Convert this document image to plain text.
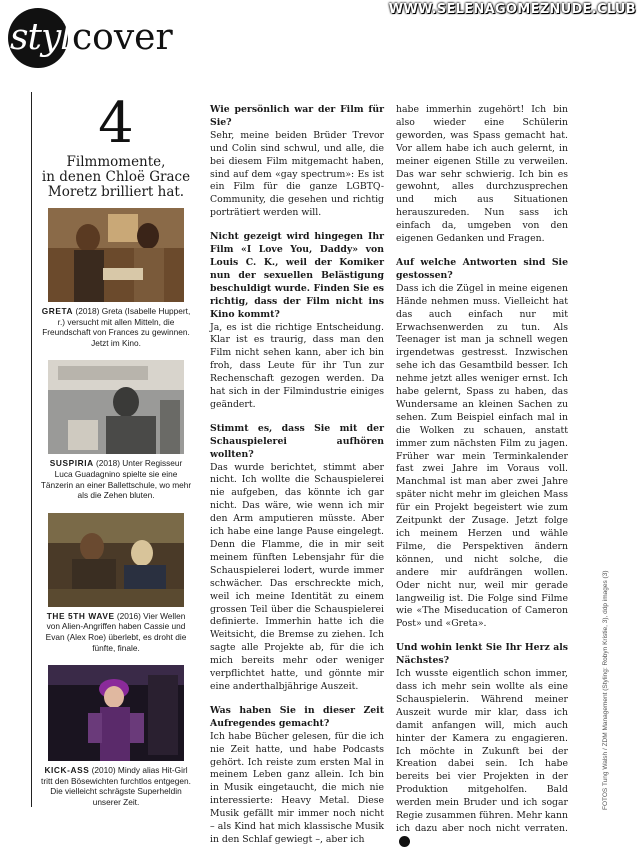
style
cover
WWW.SELENAGOMEZNUDE.CLUB
4
Filmmomente,
in denen Chloë Grace
Moretz brilliert hat.
GRETA (2018) Greta (Isabelle Huppert, r.) versucht mit allen Mitteln, die Freundschaft von Frances zu gewinnen. Jetzt im Kino.
SUSPIRIA (2018) Unter Regisseur Luca Guadagnino spielte sie eine Tänzerin an einer Ballettschule, wo mehr als die Zehen bluten.
THE 5TH WAVE (2016) Vier Wellen von Alien-Angriffen haben Cassie und Evan (Alex Roe) überlebt, es droht die fünfte, finale.
KICK-ASS (2010) Mindy alias Hit-Girl tritt den Bösewichten furchtlos entgegen. Die vielleicht schrägste Superheldin unserer Zeit.

Wie persönlich war der Film für Sie?

Sehr, meine beiden Brüder Trevor und Colin sind schwul, und alle, die bei diesem Film mitgemacht haben, sind auf dem «gay spectrum»: Es ist ein Film für die ganze LGBTQ-Community, die gesehen und richtig porträtiert werden will.

Nicht gezeigt wird hingegen Ihr Film «I Love You, Daddy» von Louis C. K., weil der Komiker nun der sexuellen Belästigung beschuldigt wurde. Finden Sie es richtig, dass der Film nicht ins Kino kommt?

Ja, es ist die richtige Entscheidung. Klar ist es traurig, dass man den Film nicht sehen kann, aber ich bin froh, dass Leute für ihr Tun zur Rechenschaft gezogen werden. Da hat sich in der Filmindustrie einiges geändert.

Stimmt es, dass Sie mit der Schauspielerei aufhören wollten?

Das wurde berichtet, stimmt aber nicht. Ich wollte die Schauspielerei nie aufgeben, das könnte ich gar nicht. Das wäre, wie wenn ich mir den Arm amputieren müsste. Aber ich habe eine lange Pause eingelegt. Denn die Flamme, die in mir seit meinem fünften Lebensjahr für die Schauspielerei lodert, wurde immer schwächer. Das erschreckte mich, weil ich meine Identität zu einem grossen Teil über die Schauspielerei definierte. Immerhin hatte ich die Weitsicht, die Bremse zu ziehen. Ich sagte alle Projekte ab, für die ich mich bereits mehr oder weniger verpflichtet hatte, und gönnte mir eine anderthalbjährige Auszeit.

Was haben Sie in dieser Zeit Aufregendes gemacht?

Ich habe Bücher gelesen, für die ich nie Zeit hatte, und habe Podcasts gehört. Ich reiste zum ersten Mal in meinem Leben ganz allein. Ich bin in Musik eingetaucht, die mich nie interessierte: Heavy Metal. Diese Musik gefällt mir immer noch nicht – als Kind hat mich klassische Musik in den Schlaf gewiegt –, aber ich

habe immerhin zugehört! Ich bin also wieder eine Schülerin geworden, was Spass gemacht hat. Vor allem habe ich auch gelernt, in meiner eigenen Stille zu verweilen. Das war sehr schwierig. Ich bin es gewohnt, alles durchzusprechen und mich aus Situationen herauszureden. Nun sass ich einfach da, umgeben von den eigenen Gedanken und Fragen.

Auf welche Antworten sind Sie gestossen?

Dass ich die Zügel in meine eigenen Hände nehmen muss. Vielleicht hat das auch einfach nur mit Erwachsenwerden zu tun. Als Teenager ist man ja schnell wegen irgendetwas gestresst. Inzwischen sehe ich das Gesamtbild besser. Ich nehme jetzt alles weniger ernst. Ich habe gelernt, Spass zu haben, das Wundersame an kleinen Sachen zu sehen. Zum Beispiel einfach mal in die Wolken zu schauen, anstatt immer zum nächsten Film zu jagen. Früher war mein Terminkalender fast zwei Jahre im Voraus voll. Manchmal ist man aber zwei Jahre später nicht mehr im gleichen Mass für ein Projekt begeistert wie zum Zeitpunkt der Zusage. Jetzt folge ich meinem Herzen und wähle Filme, die Perspektiven ändern können, und nicht solche, die andere mir aufdrängen wollen. Oder nicht nur, weil mir gerade langweilig ist. Die Folge sind Filme wie «The Miseducation of Cameron Post» und «Greta».

Und wohin lenkt Sie Ihr Herz als Nächstes?

Ich wusste eigentlich schon immer, dass ich mehr sein wollte als eine Schauspielerin. Während meiner Auszeit wurde mir klar, dass ich damit anfangen will, mich auch hinter der Kamera zu engagieren. Ich möchte in Zukunft bei der Kreation dabei sein. Ich habe bereits bei vier Projekten in der Produktion mitgeholfen. Bald werden mein Bruder und ich sogar Regie zusammen führen. Mehr kann ich dazu aber noch nicht verraten.

FOTOS Tung Walsh / ZDM Management (Styling: Robyn Kristie, 3), ddp images (3)
